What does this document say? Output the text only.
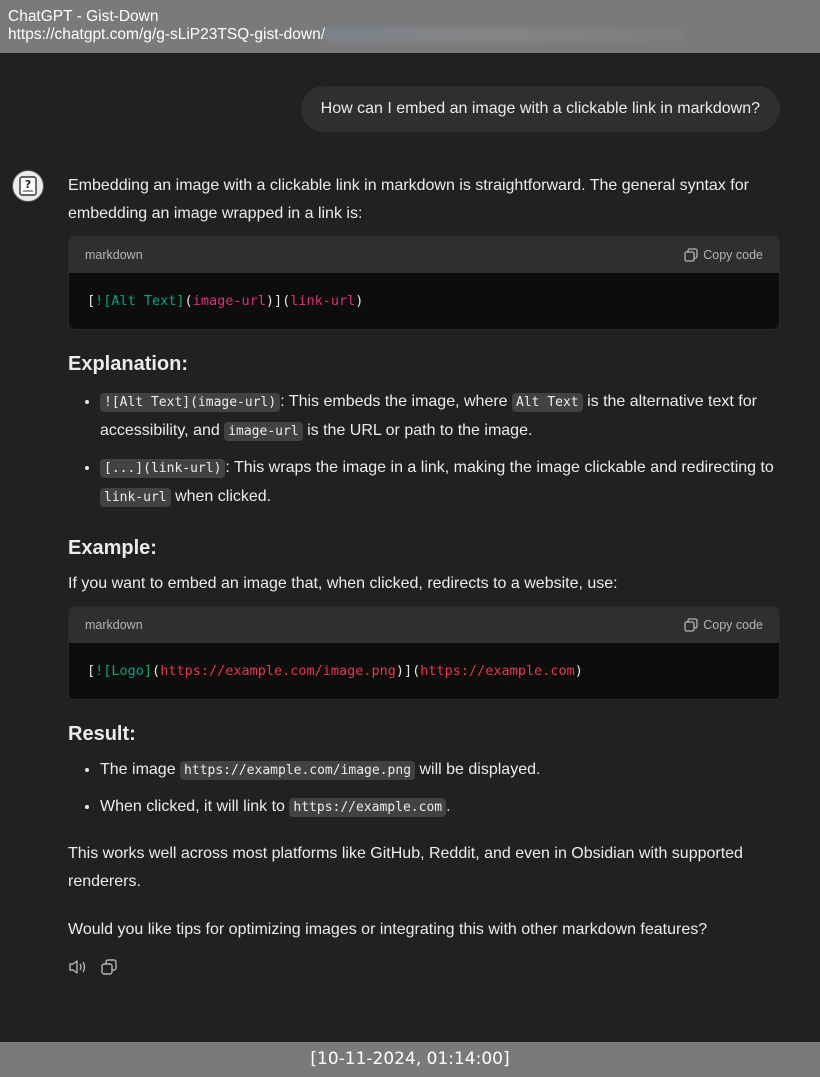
ChatGPT - Gist-Down
https://chatgpt.com/g/g-sLiP23TSQ-gist-down/
How can I embed an image with a clickable link in markdown?
? Embedding an image with a clickable link in markdown is straightforward. The general syntax for embedding an image wrapped in a link is:

markdown	Copy code
[![Alt Text](image-url)](link-url)
Explanation:
• ![Alt Text](image-url) : This embeds the image, where Alt Text is the alternative text for accessibility, and image-url is the URL or path to the image.
• [...](link-url) : This wraps the image in a link, making the image clickable and redirecting to link-url when clicked.
Example:

If you want to embed an image that, when clicked, redirects to a website, use:

markdown	Copy code
[![Logo](https://example.com/image.png)](https://example.com)
Result:
• The image https://example.com/image.png will be displayed.
• When clicked, it will link to https://example.com .

This works well across most platforms like GitHub, Reddit, and even in Obsidian with supported renderers.

Would you like tips for optimizing images or integrating this with other markdown features?

[10-11-2024, 01:14:00]
